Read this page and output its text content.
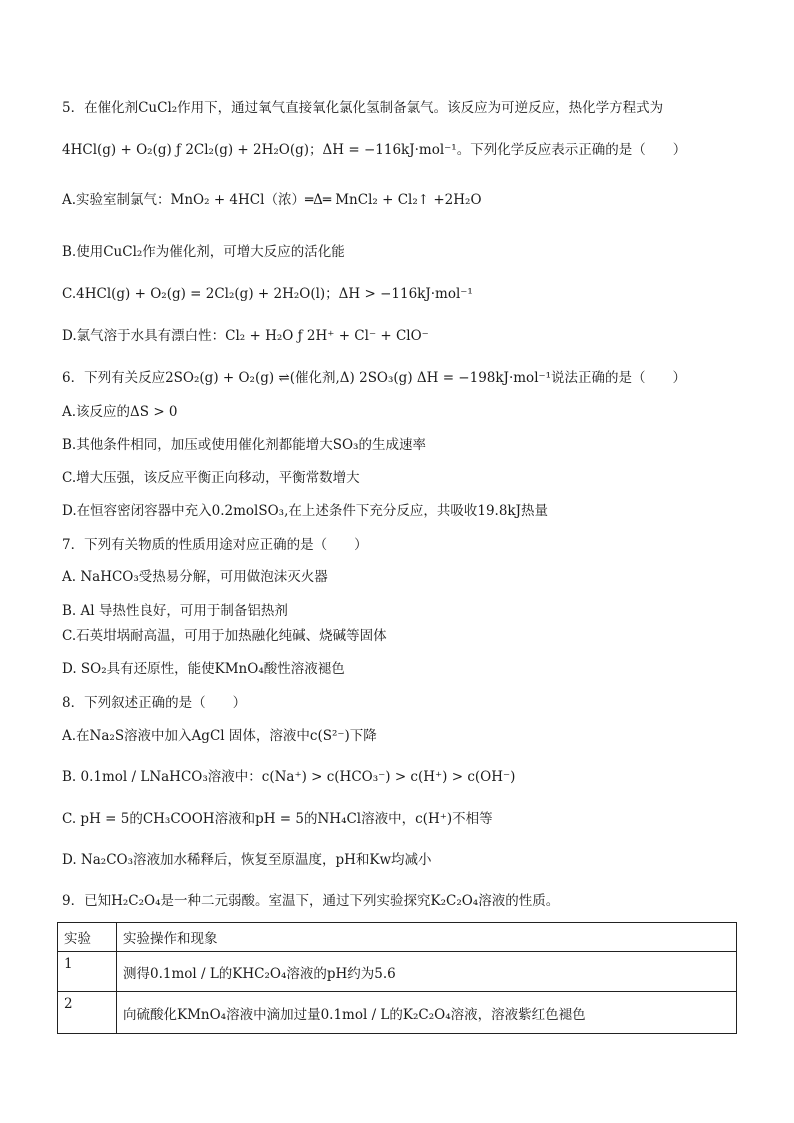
5．在催化剂CuCl₂作用下，通过氧气直接氧化氯化氢制备氯气。该反应为可逆反应，热化学方程式为
4HCl(g) + O₂(g) ƒ 2Cl₂(g) + 2H₂O(g)；ΔH = −116kJ·mol⁻¹。下列化学反应表示正确的是（　　）
A.实验室制氯气：MnO₂ + 4HCl（浓）═Δ═ MnCl₂ + Cl₂↑ +2H₂O
B.使用CuCl₂作为催化剂，可增大反应的活化能
C.4HCl(g) + O₂(g) = 2Cl₂(g) + 2H₂O(l)；ΔH > −116kJ·mol⁻¹
D.氯气溶于水具有漂白性：Cl₂ + H₂O ƒ 2H⁺ + Cl⁻ + ClO⁻
6．下列有关反应2SO₂(g) + O₂(g) ⇌(催化剂,Δ) 2SO₃(g) ΔH = −198kJ·mol⁻¹说法正确的是（　　）
A.该反应的ΔS > 0
B.其他条件相同，加压或使用催化剂都能增大SO₃的生成速率
C.增大压强，该反应平衡正向移动，平衡常数增大
D.在恒容密闭容器中充入0.2molSO₃,在上述条件下充分反应，共吸收19.8kJ热量
7．下列有关物质的性质用途对应正确的是（　　）
A. NaHCO₃受热易分解，可用做泡沫灭火器
B. Al 导热性良好，可用于制备铝热剂
C.石英坩埚耐高温，可用于加热融化纯碱、烧碱等固体
D. SO₂具有还原性，能使KMnO₄酸性溶液褪色
8．下列叙述正确的是（　　）
A.在Na₂S溶液中加入AgCl 固体，溶液中c(S²⁻)下降
B. 0.1mol / LNaHCO₃溶液中：c(Na⁺) > c(HCO₃⁻) > c(H⁺) > c(OH⁻)
C. pH = 5的CH₃COOH溶液和pH = 5的NH₄Cl溶液中，c(H⁺)不相等
D. Na₂CO₃溶液加水稀释后，恢复至原温度，pH和Kw均减小
9．已知H₂C₂O₄是一种二元弱酸。室温下，通过下列实验探究K₂C₂O₄溶液的性质。
实验	实验操作和现象
1	测得0.1mol / L的KHC₂O₄溶液的pH约为5.6
2	向硫酸化KMnO₄溶液中滴加过量0.1mol / L的K₂C₂O₄溶液，溶液紫红色褪色
